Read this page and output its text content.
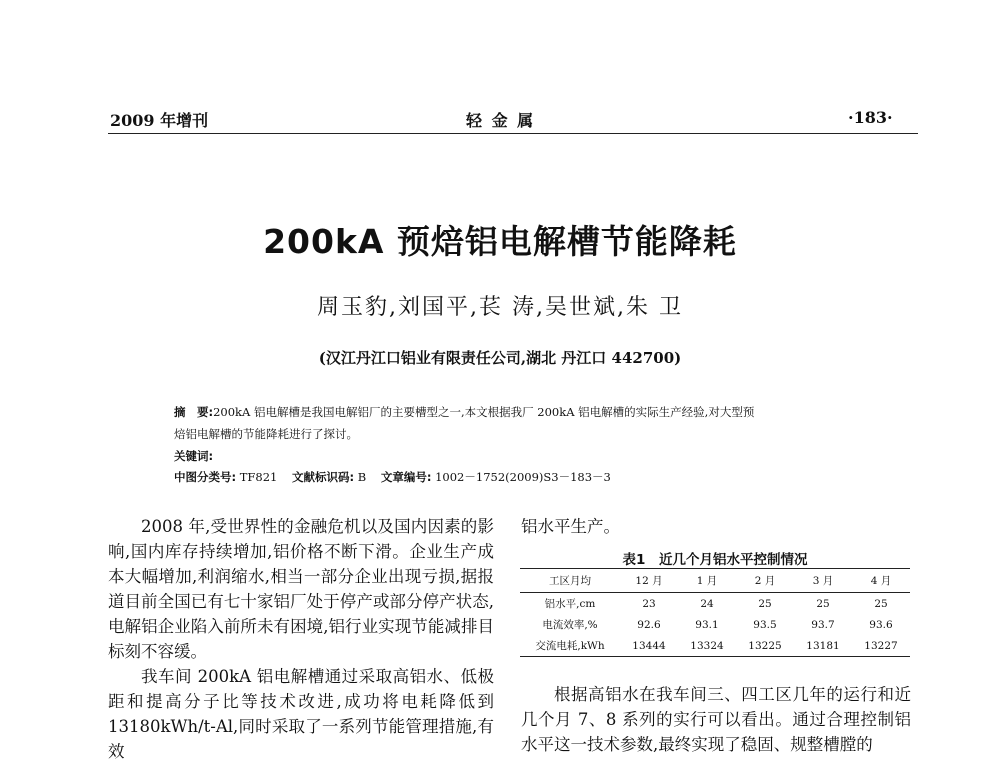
2009 年增刊	轻 金 属	·183·
200kA 预焙铝电解槽节能降耗
周玉豹,刘国平,苌 涛,吴世斌,朱 卫
(汉江丹江口铝业有限责任公司,湖北 丹江口 442700)
摘　要:200kA 铝电解槽是我国电解铝厂的主要槽型之一,本文根据我厂 200kA 铝电解槽的实际生产经验,对大型预
焙铝电解槽的节能降耗进行了探讨。
关键词:
中图分类号: TF821 文献标识码: B 文章编号: 1002－1752(2009)S3－183－3

2008 年,受世界性的金融危机以及国内因素的影响,国内库存持续增加,铝价格不断下滑。企业生产成本大幅增加,利润缩水,相当一部分企业出现亏损,据报道目前全国已有七十家铝厂处于停产或部分停产状态,电解铝企业陷入前所未有困境,铝行业实现节能减排目标刻不容缓。

我车间 200kA 铝电解槽通过采取高铝水、低极距和提高分子比等技术改进,成功将电耗降低到 13180kWh/t-Al,同时采取了一系列节能管理措施,有效

铝水平生产。
表1　近几个月铝水平控制情况
工区月均	12 月	1 月	2 月	3 月	4 月
铝水平,cm	23	24	25	25	25
电流效率,%	92.6	93.1	93.5	93.7	93.6
交流电耗,kWh	13444	13324	13225	13181	13227

根据高铝水在我车间三、四工区几年的运行和近几个月 7、8 系列的实行可以看出。通过合理控制铝水平这一技术参数,最终实现了稳固、规整槽膛的
